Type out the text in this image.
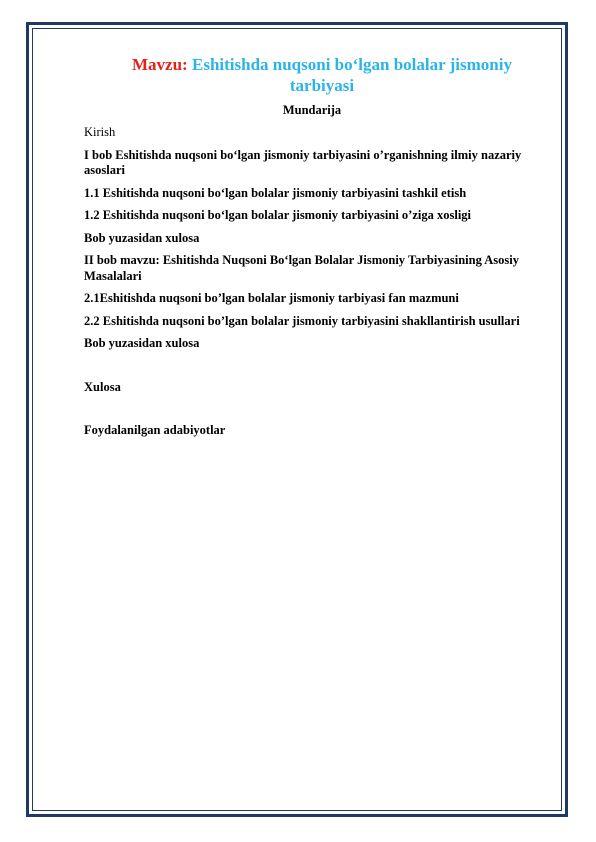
Mavzu: Eshitishda nuqsoni bo‘lgan bolalar jismoniy tarbiyasi

Mundarija
Kirish
I bob Eshitishda nuqsoni bo‘lgan jismoniy tarbiyasini o’rganishning ilmiy nazariy asoslari
1.1 Eshitishda nuqsoni bo‘lgan bolalar jismoniy tarbiyasini tashkil etish
1.2 Eshitishda nuqsoni bo‘lgan bolalar jismoniy tarbiyasini o’ziga xosligi
Bob yuzasidan xulosa
II bob mavzu: Eshitishda Nuqsoni Bo‘lgan Bolalar Jismoniy Tarbiyasining Asosiy Masalalari
2.1Eshitishda nuqsoni bo’lgan bolalar jismoniy tarbiyasi fan mazmuni
2.2 Eshitishda nuqsoni bo’lgan bolalar jismoniy tarbiyasini shakllantirish usullari
Bob yuzasidan xulosa
Xulosa
Foydalanilgan adabiyotlar
